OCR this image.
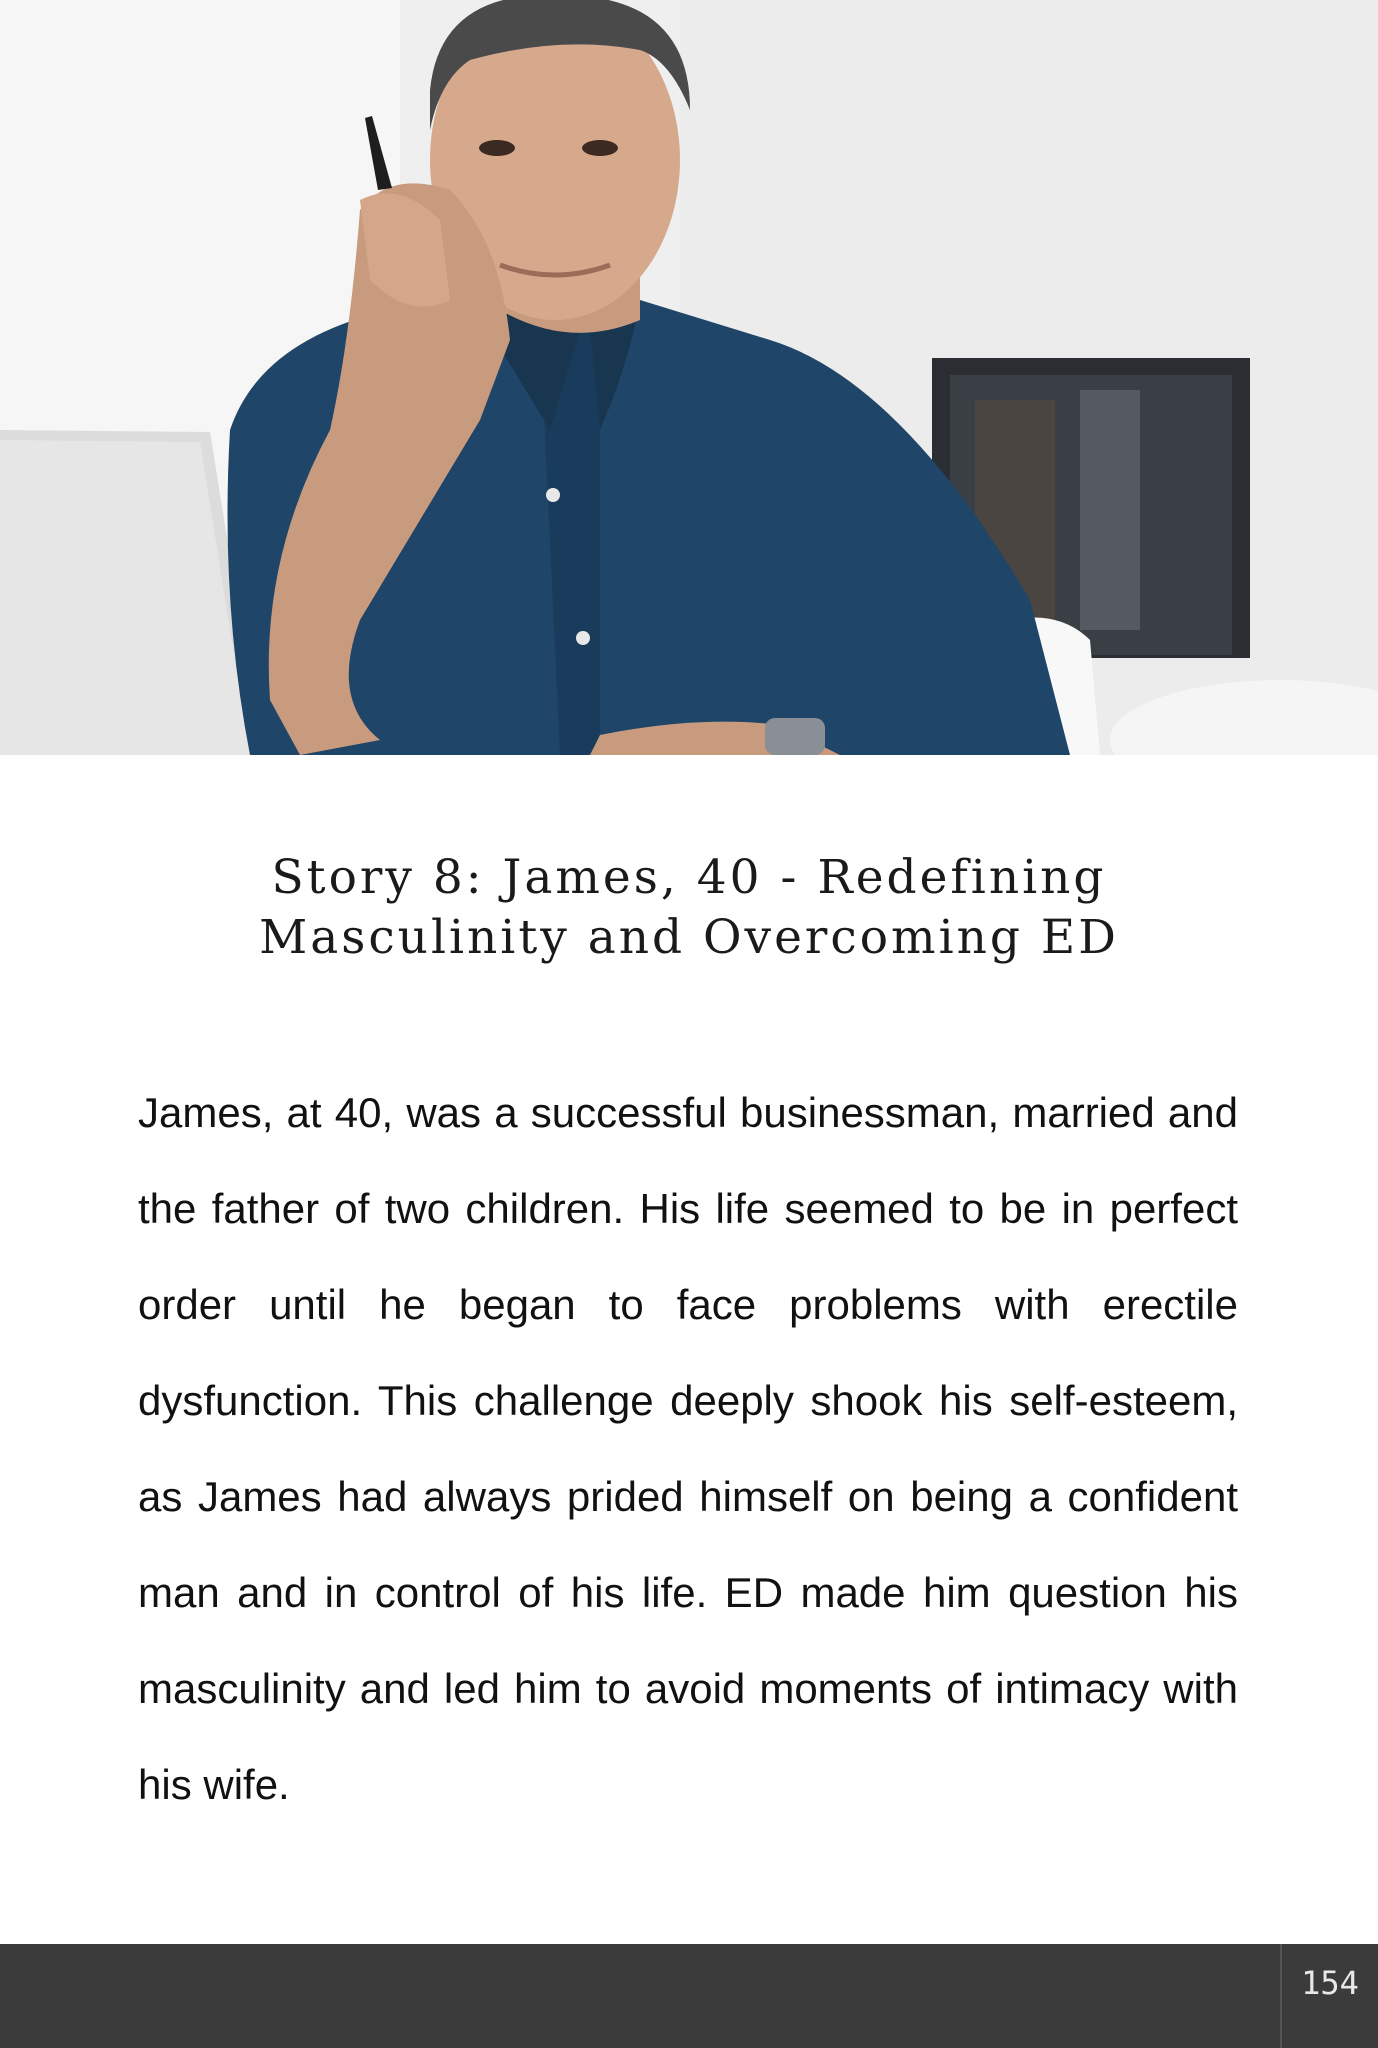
Story 8: James, 40 - Redefining Masculinity and Overcoming ED

James, at 40, was a successful businessman, married and the father of two children. His life seemed to be in perfect order until he began to face problems with erectile dysfunction. This challenge deeply shook his self-esteem, as James had always prided himself on being a confident man and in control of his life. ED made him question his masculinity and led him to avoid moments of intimacy with his wife.

154
